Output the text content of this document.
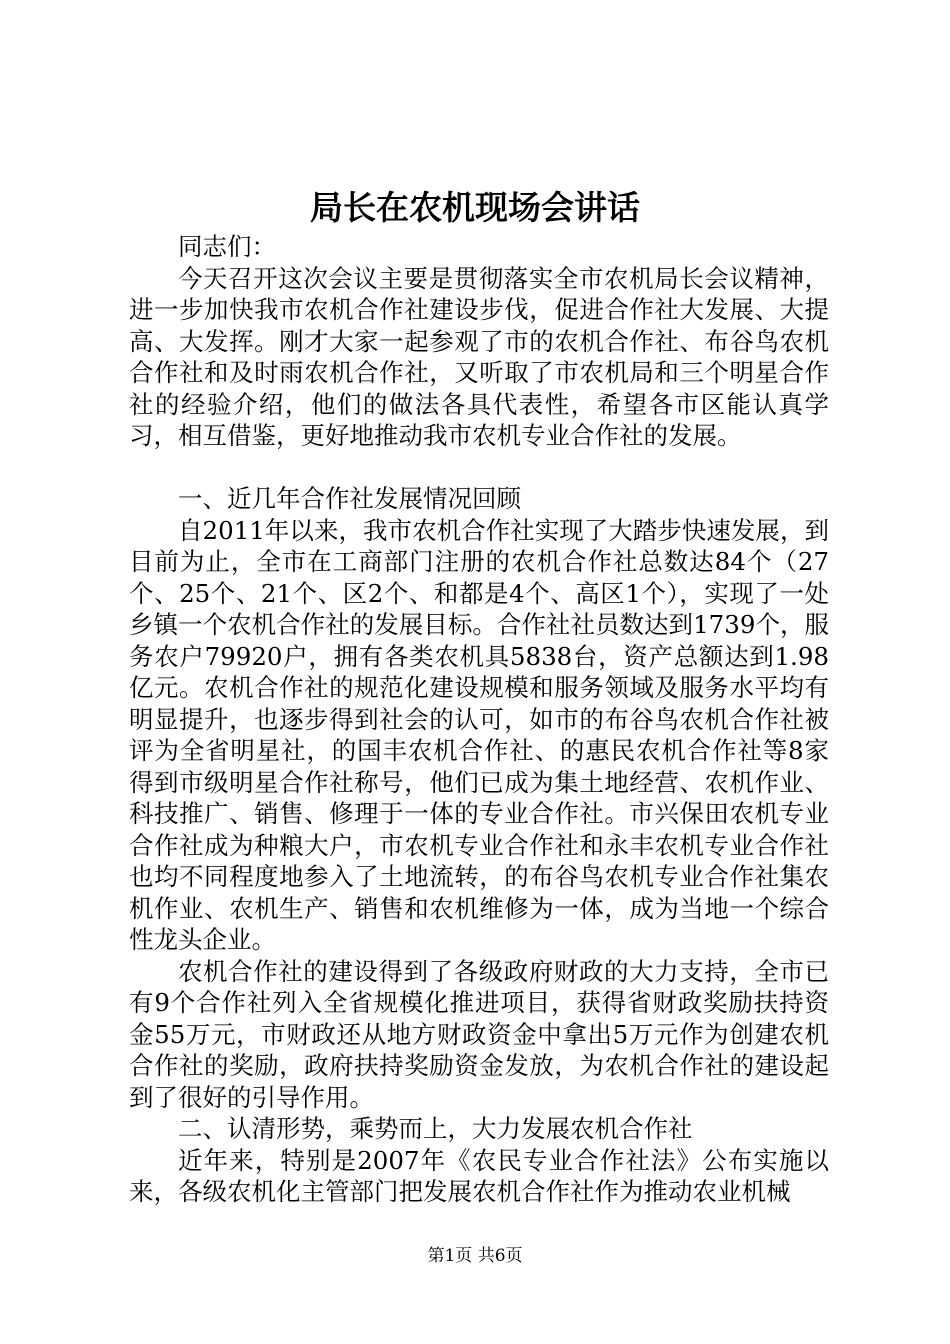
局长在农机现场会讲话

同志们：

今天召开这次会议主要是贯彻落实全市农机局长会议精神，进一步加快我市农机合作社建设步伐，促进合作社大发展、大提高、大发挥。刚才大家一起参观了市的农机合作社、布谷鸟农机合作社和及时雨农机合作社，又听取了市农机局和三个明星合作社的经验介绍，他们的做法各具代表性，希望各市区能认真学习，相互借鉴，更好地推动我市农机专业合作社的发展。

一、近几年合作社发展情况回顾

自2011年以来，我市农机合作社实现了大踏步快速发展，到目前为止，全市在工商部门注册的农机合作社总数达84个（27个、25个、21个、区2个、和都是4个、高区1个），实现了一处乡镇一个农机合作社的发展目标。合作社社员数达到1739个，服务农户79920户，拥有各类农机具5838台，资产总额达到1.98亿元。农机合作社的规范化建设规模和服务领域及服务水平均有明显提升，也逐步得到社会的认可，如市的布谷鸟农机合作社被评为全省明星社，的国丰农机合作社、的惠民农机合作社等8家得到市级明星合作社称号，他们已成为集土地经营、农机作业、科技推广、销售、修理于一体的专业合作社。市兴保田农机专业合作社成为种粮大户，市农机专业合作社和永丰农机专业合作社也均不同程度地参入了土地流转，的布谷鸟农机专业合作社集农机作业、农机生产、销售和农机维修为一体，成为当地一个综合性龙头企业。

农机合作社的建设得到了各级政府财政的大力支持，全市已有9个合作社列入全省规模化推进项目，获得省财政奖励扶持资金55万元，市财政还从地方财政资金中拿出5万元作为创建农机合作社的奖励，政府扶持奖励资金发放，为农机合作社的建设起到了很好的引导作用。

二、认清形势，乘势而上，大力发展农机合作社

近年来，特别是2007年《农民专业合作社法》公布实施以来，各级农机化主管部门把发展农机合作社作为推动农业机械

第1页 共6页
